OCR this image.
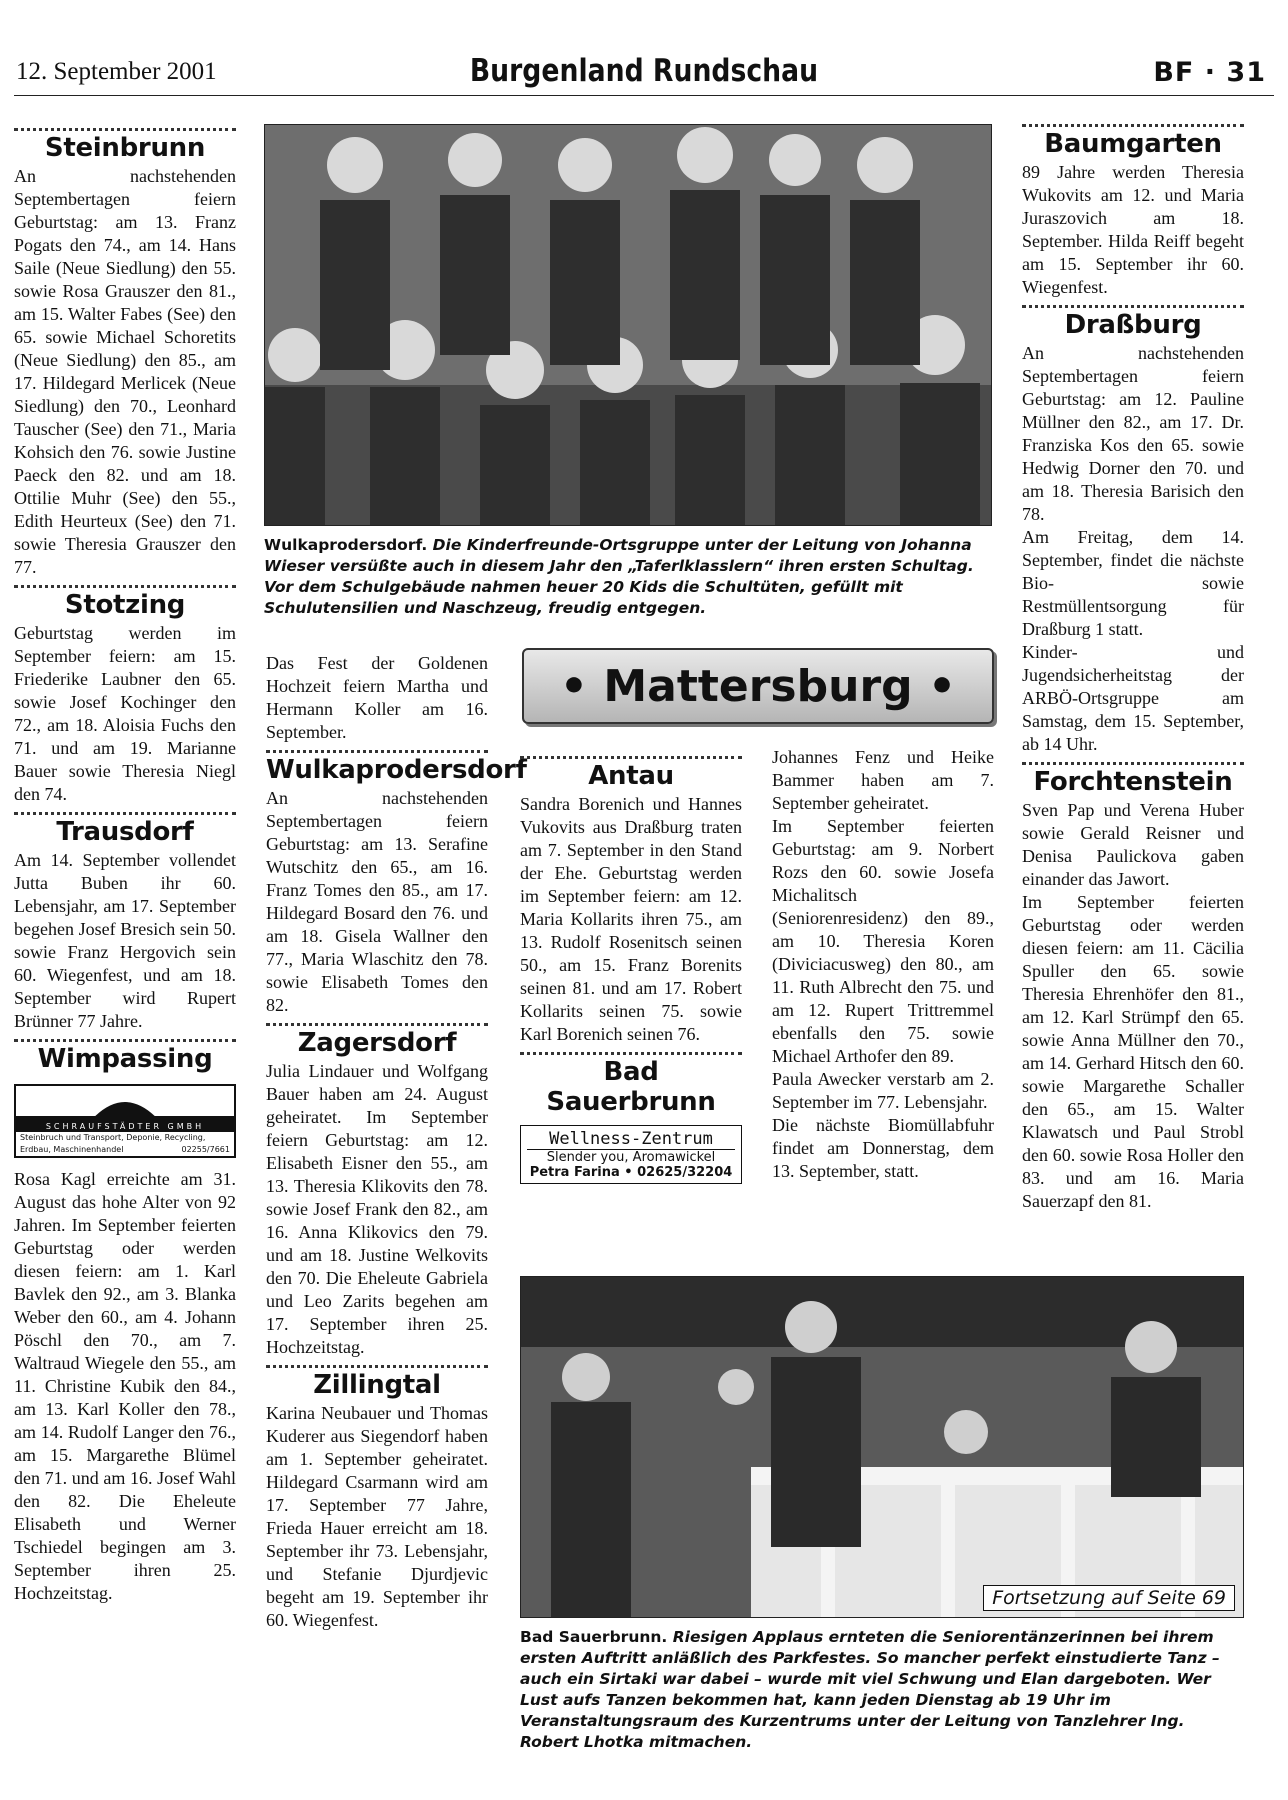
12. September 2001	Burgenland Rundschau	BF · 31
Steinbrunn

An nachstehenden Septembertagen feiern Geburtstag: am 13. Franz Pogats den 74., am 14. Hans Saile (Neue Siedlung) den 55. sowie Rosa Grauszer den 81., am 15. Walter Fabes (See) den 65. sowie Michael Schoretits (Neue Siedlung) den 85., am 17. Hildegard Merlicek (Neue Siedlung) den 70., Leonhard Tauscher (See) den 71., Maria Kohsich den 76. sowie Justine Paeck den 82. und am 18. Ottilie Muhr (See) den 55., Edith Heurteux (See) den 71. sowie Theresia Grauszer den 77.

Stotzing

Geburtstag werden im September feiern: am 15. Friederike Laubner den 65. sowie Josef Kochinger den 72., am 18. Aloisia Fuchs den 71. und am 19. Marianne Bauer sowie Theresia Niegl den 74.

Trausdorf

Am 14. September vollendet Jutta Buben ihr 60. Lebensjahr, am 17. September begehen Josef Bresich sein 50. sowie Franz Hergovich sein 60. Wiegenfest, und am 18. September wird Rupert Brünner 77 Jahre.

Wimpassing
SCHRAUFSTÄDTER GMBH
Steinbruch und Transport, Deponie, Recycling,
Erdbau, Maschinenhandel	02255/7661

Rosa Kagl erreichte am 31. August das hohe Alter von 92 Jahren. Im September feierten Geburtstag oder werden diesen feiern: am 1. Karl Bavlek den 92., am 3. Blanka Weber den 60., am 4. Johann Pöschl den 70., am 7. Waltraud Wiegele den 55., am 11. Christine Kubik den 84., am 13. Karl Koller den 78., am 14. Rudolf Langer den 76., am 15. Margarethe Blümel den 71. und am 16. Josef Wahl den 82. Die Eheleute Elisabeth und Werner Tschiedel begingen am 3. September ihren 25. Hochzeitstag.

Wulkaprodersdorf. Die Kinderfreunde-Ortsgruppe unter der Leitung von Johanna Wieser versüßte auch in diesem Jahr den „Taferlklasslern“ ihren ersten Schultag. Vor dem Schulgebäude nahmen heuer 20 Kids die Schultüten, gefüllt mit Schulutensilien und Naschzeug, freudig entgegen.

Das Fest der Goldenen Hochzeit feiern Martha und Hermann Koller am 16. September.

Wulkaprodersdorf

An nachstehenden Septembertagen feiern Geburtstag: am 13. Serafine Wutschitz den 65., am 16. Franz Tomes den 85., am 17. Hildegard Bosard den 76. und am 18. Gisela Wallner den 77., Maria Wlaschitz den 78. sowie Elisabeth Tomes den 82.

Zagersdorf

Julia Lindauer und Wolfgang Bauer haben am 24. August geheiratet. Im September feiern Geburtstag: am 12. Elisabeth Eisner den 55., am 13. Theresia Klikovits den 78. sowie Josef Frank den 82., am 16. Anna Klikovics den 79. und am 18. Justine Welkovits den 70. Die Eheleute Gabriela und Leo Zarits begehen am 17. September ihren 25. Hochzeitstag.

Zillingtal

Karina Neubauer und Thomas Kuderer aus Siegendorf haben am 1. September geheiratet. Hildegard Csarmann wird am 17. September 77 Jahre, Frieda Hauer erreicht am 18. September ihr 73. Lebensjahr, und Stefanie Djurdjevic begeht am 19. September ihr 60. Wiegenfest.

• Mattersburg •
Antau

Sandra Borenich und Hannes Vukovits aus Draßburg traten am 7. September in den Stand der Ehe. Geburtstag werden im September feiern: am 12. Maria Kollarits ihren 75., am 13. Rudolf Rosenitsch seinen 50., am 15. Franz Borenits seinen 81. und am 17. Robert Kollarits seinen 75. sowie Karl Borenich seinen 76.

Bad Sauerbrunn
Wellness-Zentrum
Slender you, Aromawickel
Petra Farina • 02625/32204

Johannes Fenz und Heike Bammer haben am 7. September geheiratet.

Im September feierten Geburtstag: am 9. Norbert Rozs den 60. sowie Josefa Michalitsch (Seniorenresidenz) den 89., am 10. Theresia Koren (Diviciacusweg) den 80., am 11. Ruth Albrecht den 75. und am 12. Rupert Trittremmel ebenfalls den 75. sowie Michael Arthofer den 89.

Paula Awecker verstarb am 2. September im 77. Lebensjahr.

Die nächste Biomüllabfuhr findet am Donnerstag, dem 13. September, statt.

Baumgarten

89 Jahre werden Theresia Wukovits am 12. und Maria Juraszovich am 18. September. Hilda Reiff begeht am 15. September ihr 60. Wiegenfest.

Draßburg

An nachstehenden Septembertagen feiern Geburtstag: am 12. Pauline Müllner den 82., am 17. Dr. Franziska Kos den 65. sowie Hedwig Dorner den 70. und am 18. Theresia Barisich den 78.

Am Freitag, dem 14. September, findet die nächste Bio- sowie Restmüllentsorgung für Draßburg 1 statt.

Kinder- und Jugendsicherheitstag der ARBÖ-Ortsgruppe am Samstag, dem 15. September, ab 14 Uhr.

Forchtenstein

Sven Pap und Verena Huber sowie Gerald Reisner und Denisa Paulickova gaben einander das Jawort.

Im September feierten Geburtstag oder werden diesen feiern: am 11. Cäcilia Spuller den 65. sowie Theresia Ehrenhöfer den 81., am 12. Karl Strümpf den 65. sowie Anna Müllner den 70., am 14. Gerhard Hitsch den 60. sowie Margarethe Schaller den 65., am 15. Walter Klawatsch und Paul Strobl den 60. sowie Rosa Holler den 83. und am 16. Maria Sauerzapf den 81.

Fortsetzung auf Seite 69
Bad Sauerbrunn. Riesigen Applaus ernteten die Seniorentänzerinnen bei ihrem ersten Auftritt anläßlich des Parkfestes. So mancher perfekt einstudierte Tanz – auch ein Sirtaki war dabei – wurde mit viel Schwung und Elan dargeboten. Wer Lust aufs Tanzen bekommen hat, kann jeden Dienstag ab 19 Uhr im Veranstaltungsraum des Kurzentrums unter der Leitung von Tanzlehrer Ing. Robert Lhotka mitmachen.
